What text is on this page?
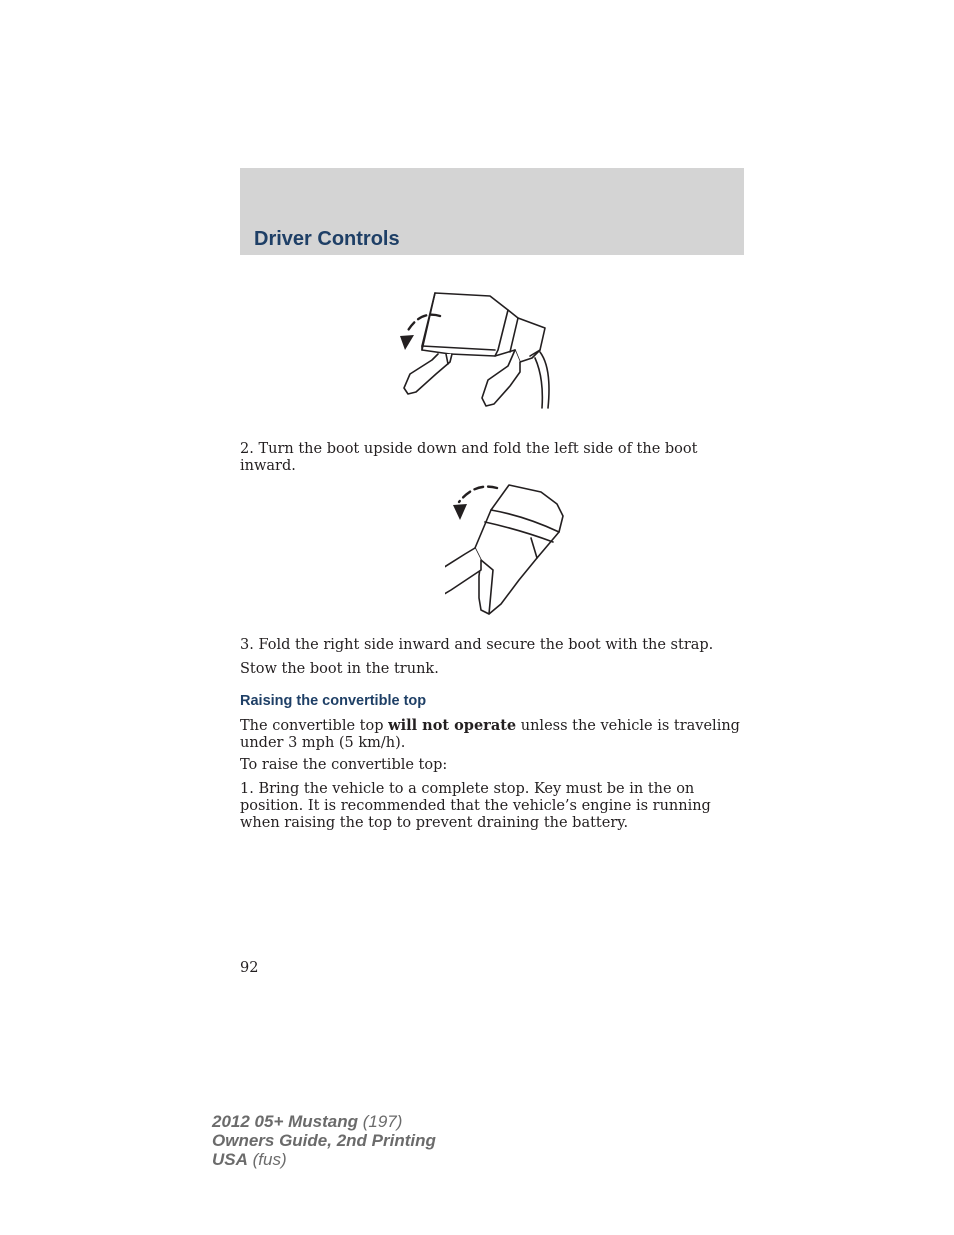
Driver Controls

2. Turn the boot upside down and fold the left side of the boot inward.

3. Fold the right side inward and secure the boot with the strap.

Stow the boot in the trunk.

Raising the convertible top

The convertible top will not operate unless the vehicle is traveling under 3 mph (5 km/h).

To raise the convertible top:

1. Bring the vehicle to a complete stop. Key must be in the on position. It is recommended that the vehicle’s engine is running when raising the top to prevent draining the battery.

92

2012 05+ Mustang (197)
Owners Guide, 2nd Printing
USA (fus)
